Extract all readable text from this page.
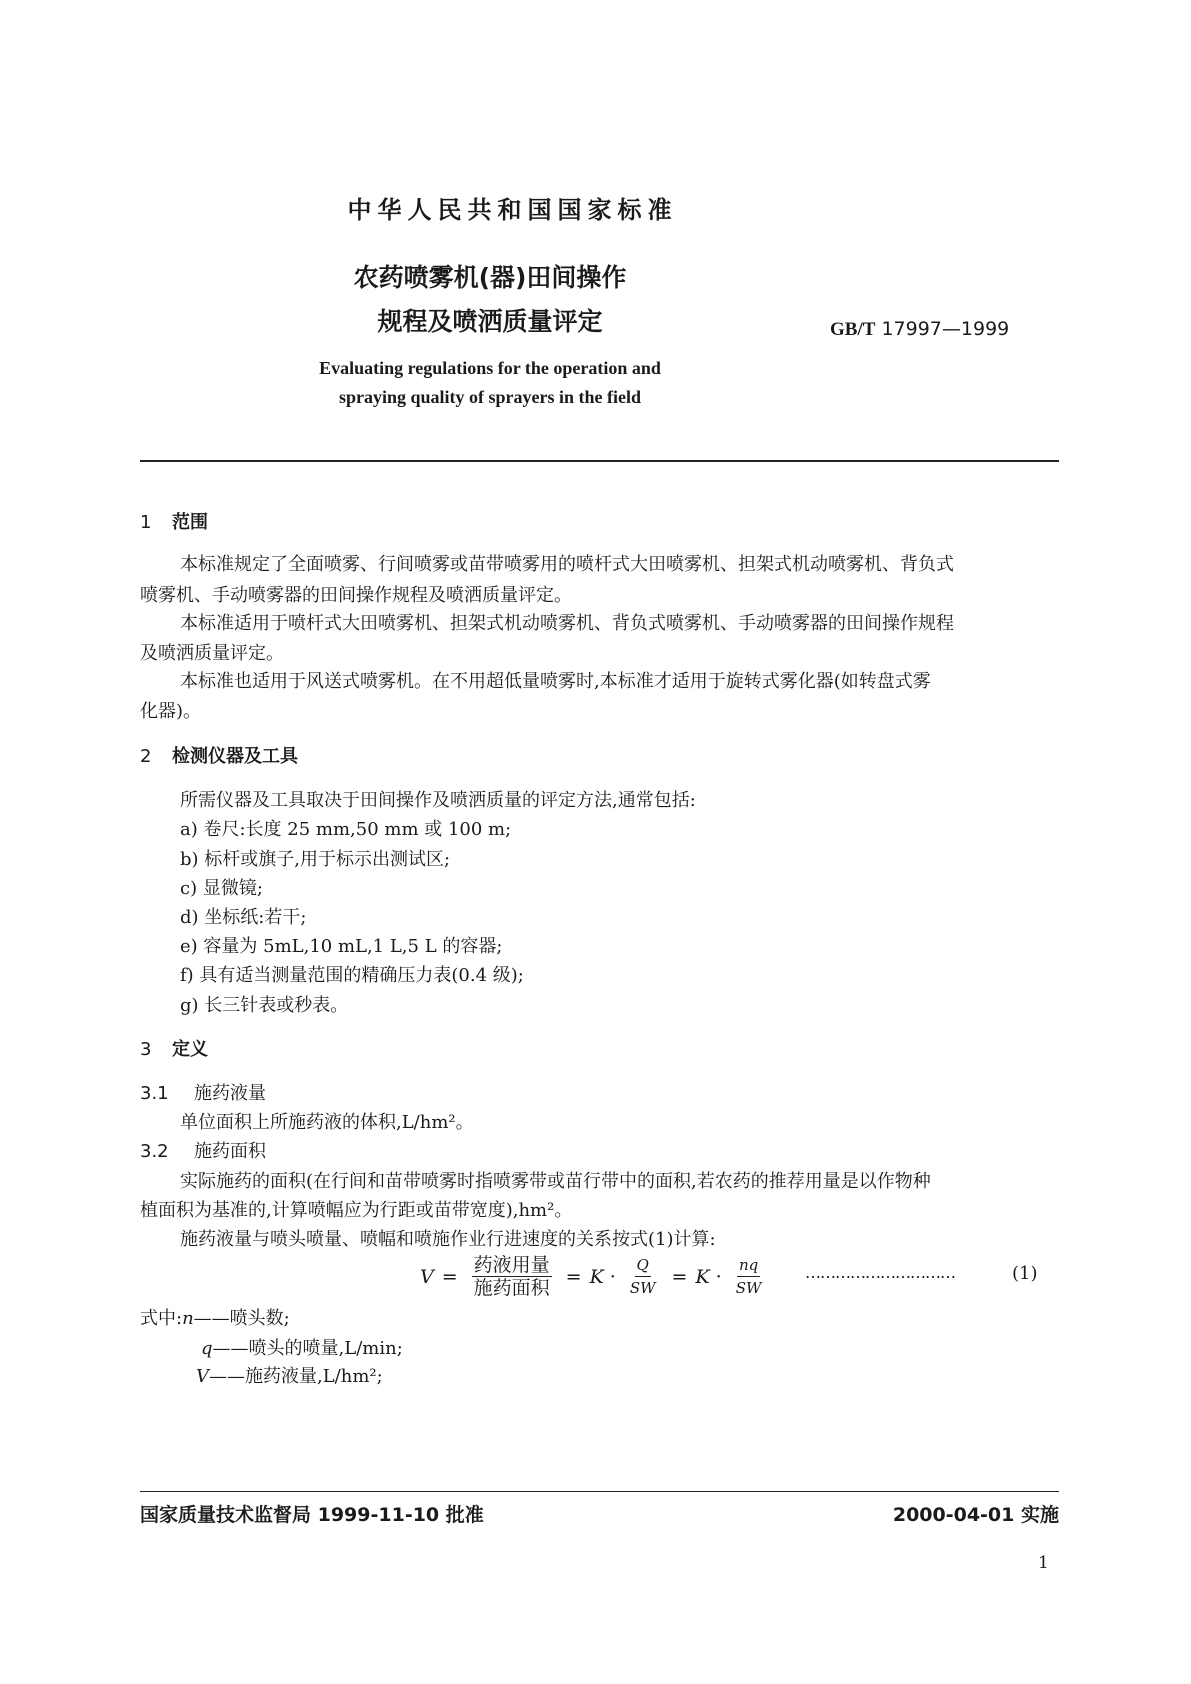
中华人民共和国国家标准
农药喷雾机(器)田间操作
规程及喷洒质量评定	GB/T 17997—1999
Evaluating regulations for the operation and
spraying quality of sprayers in the field
1 范围
本标准规定了全面喷雾、行间喷雾或苗带喷雾用的喷杆式大田喷雾机、担架式机动喷雾机、背负式
喷雾机、手动喷雾器的田间操作规程及喷洒质量评定。
本标准适用于喷杆式大田喷雾机、担架式机动喷雾机、背负式喷雾机、手动喷雾器的田间操作规程
及喷洒质量评定。
本标准也适用于风送式喷雾机。在不用超低量喷雾时,本标准才适用于旋转式雾化器(如转盘式雾
化器)。
2 检测仪器及工具
所需仪器及工具取决于田间操作及喷洒质量的评定方法,通常包括:
a) 卷尺:长度 25 mm,50 mm 或 100 m;
b) 标杆或旗子,用于标示出测试区;
c) 显微镜;
d) 坐标纸:若干;
e) 容量为 5mL,10 mL,1 L,5 L 的容器;
f) 具有适当测量范围的精确压力表(0.4 级);
g) 长三针表或秒表。
3 定义
3.1 施药液量
单位面积上所施药液的体积,L/hm²。
3.2 施药面积
实际施药的面积(在行间和苗带喷雾时指喷雾带或苗行带中的面积,若农药的推荐用量是以作物种
植面积为基准的,计算喷幅应为行距或苗带宽度),hm²。
施药液量与喷头喷量、喷幅和喷施作业行进速度的关系按式(1)计算:
$V = \frac{\text{药液用量}}{\text{施药面积}} = K \cdot \frac{Q}{SW} = K \cdot \frac{nq}{SW}$	…………………………	(1)
式中:n——喷头数;
q——喷头的喷量,L/min;
V——施药液量,L/hm²;
国家质量技术监督局 1999-11-10 批准	2000-04-01 实施
1
